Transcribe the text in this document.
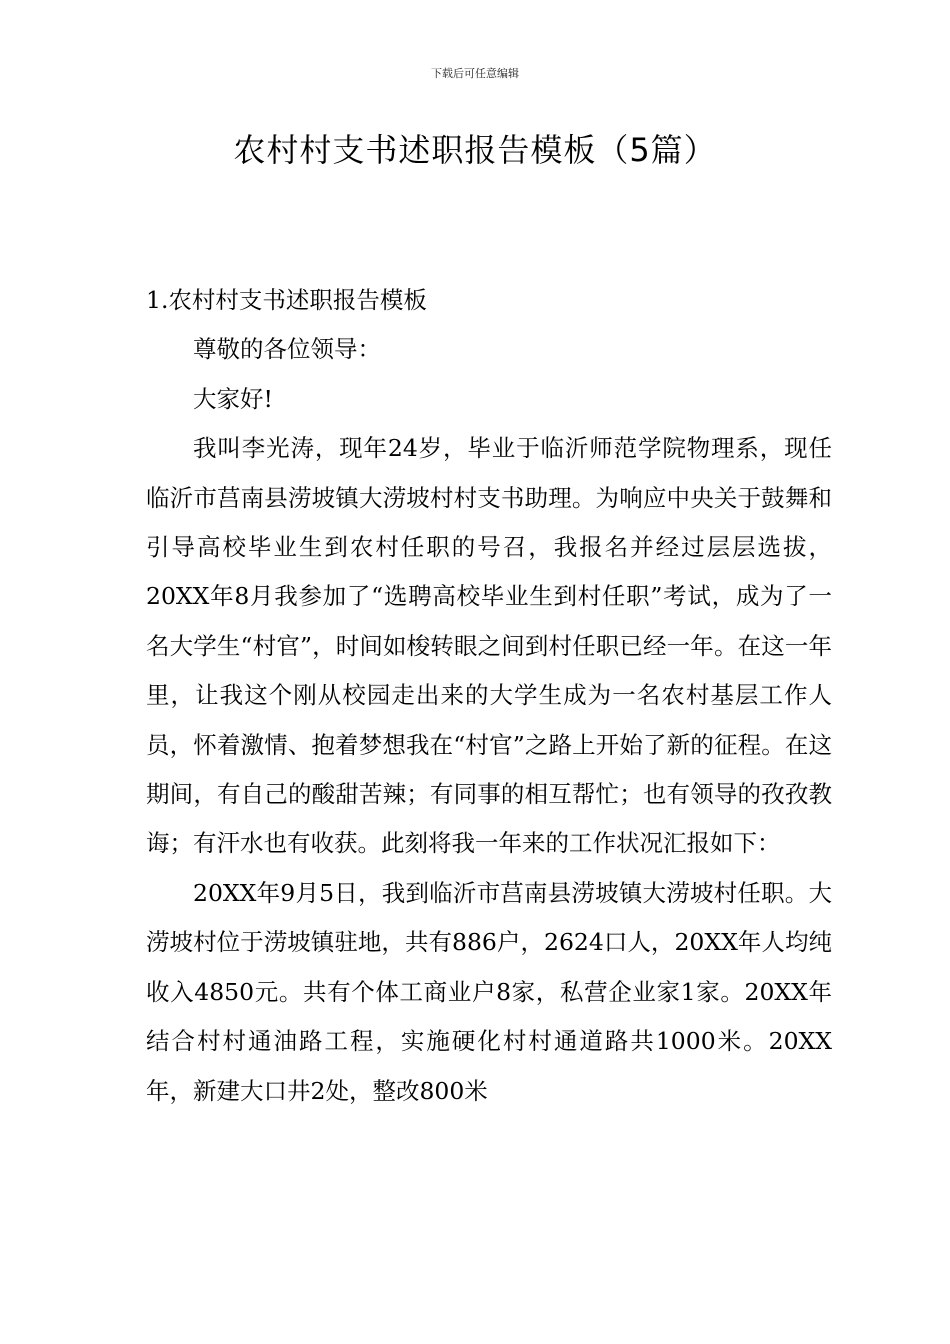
下载后可任意编辑
农村村支书述职报告模板（5篇）

1.农村村支书述职报告模板

尊敬的各位领导：

大家好!

我叫李光涛，现年24岁，毕业于临沂师范学院物理系，现任临沂市莒南县涝坡镇大涝坡村村支书助理。为响应中央关于鼓舞和引导高校毕业生到农村任职的号召，我报名并经过层层选拔，20XX年8月我参加了“选聘高校毕业生到村任职”考试，成为了一名大学生“村官”，时间如梭转眼之间到村任职已经一年。在这一年里，让我这个刚从校园走出来的大学生成为一名农村基层工作人员，怀着激情、抱着梦想我在“村官”之路上开始了新的征程。在这期间，有自己的酸甜苦辣；有同事的相互帮忙；也有领导的孜孜教诲；有汗水也有收获。此刻将我一年来的工作状况汇报如下：

20XX年9月5日，我到临沂市莒南县涝坡镇大涝坡村任职。大涝坡村位于涝坡镇驻地，共有886户，2624口人，20XX年人均纯收入4850元。共有个体工商业户8家，私营企业家1家。20XX年结合村村通油路工程，实施硬化村村通道路共1000米。20XX年，新建大口井2处，整改800米
